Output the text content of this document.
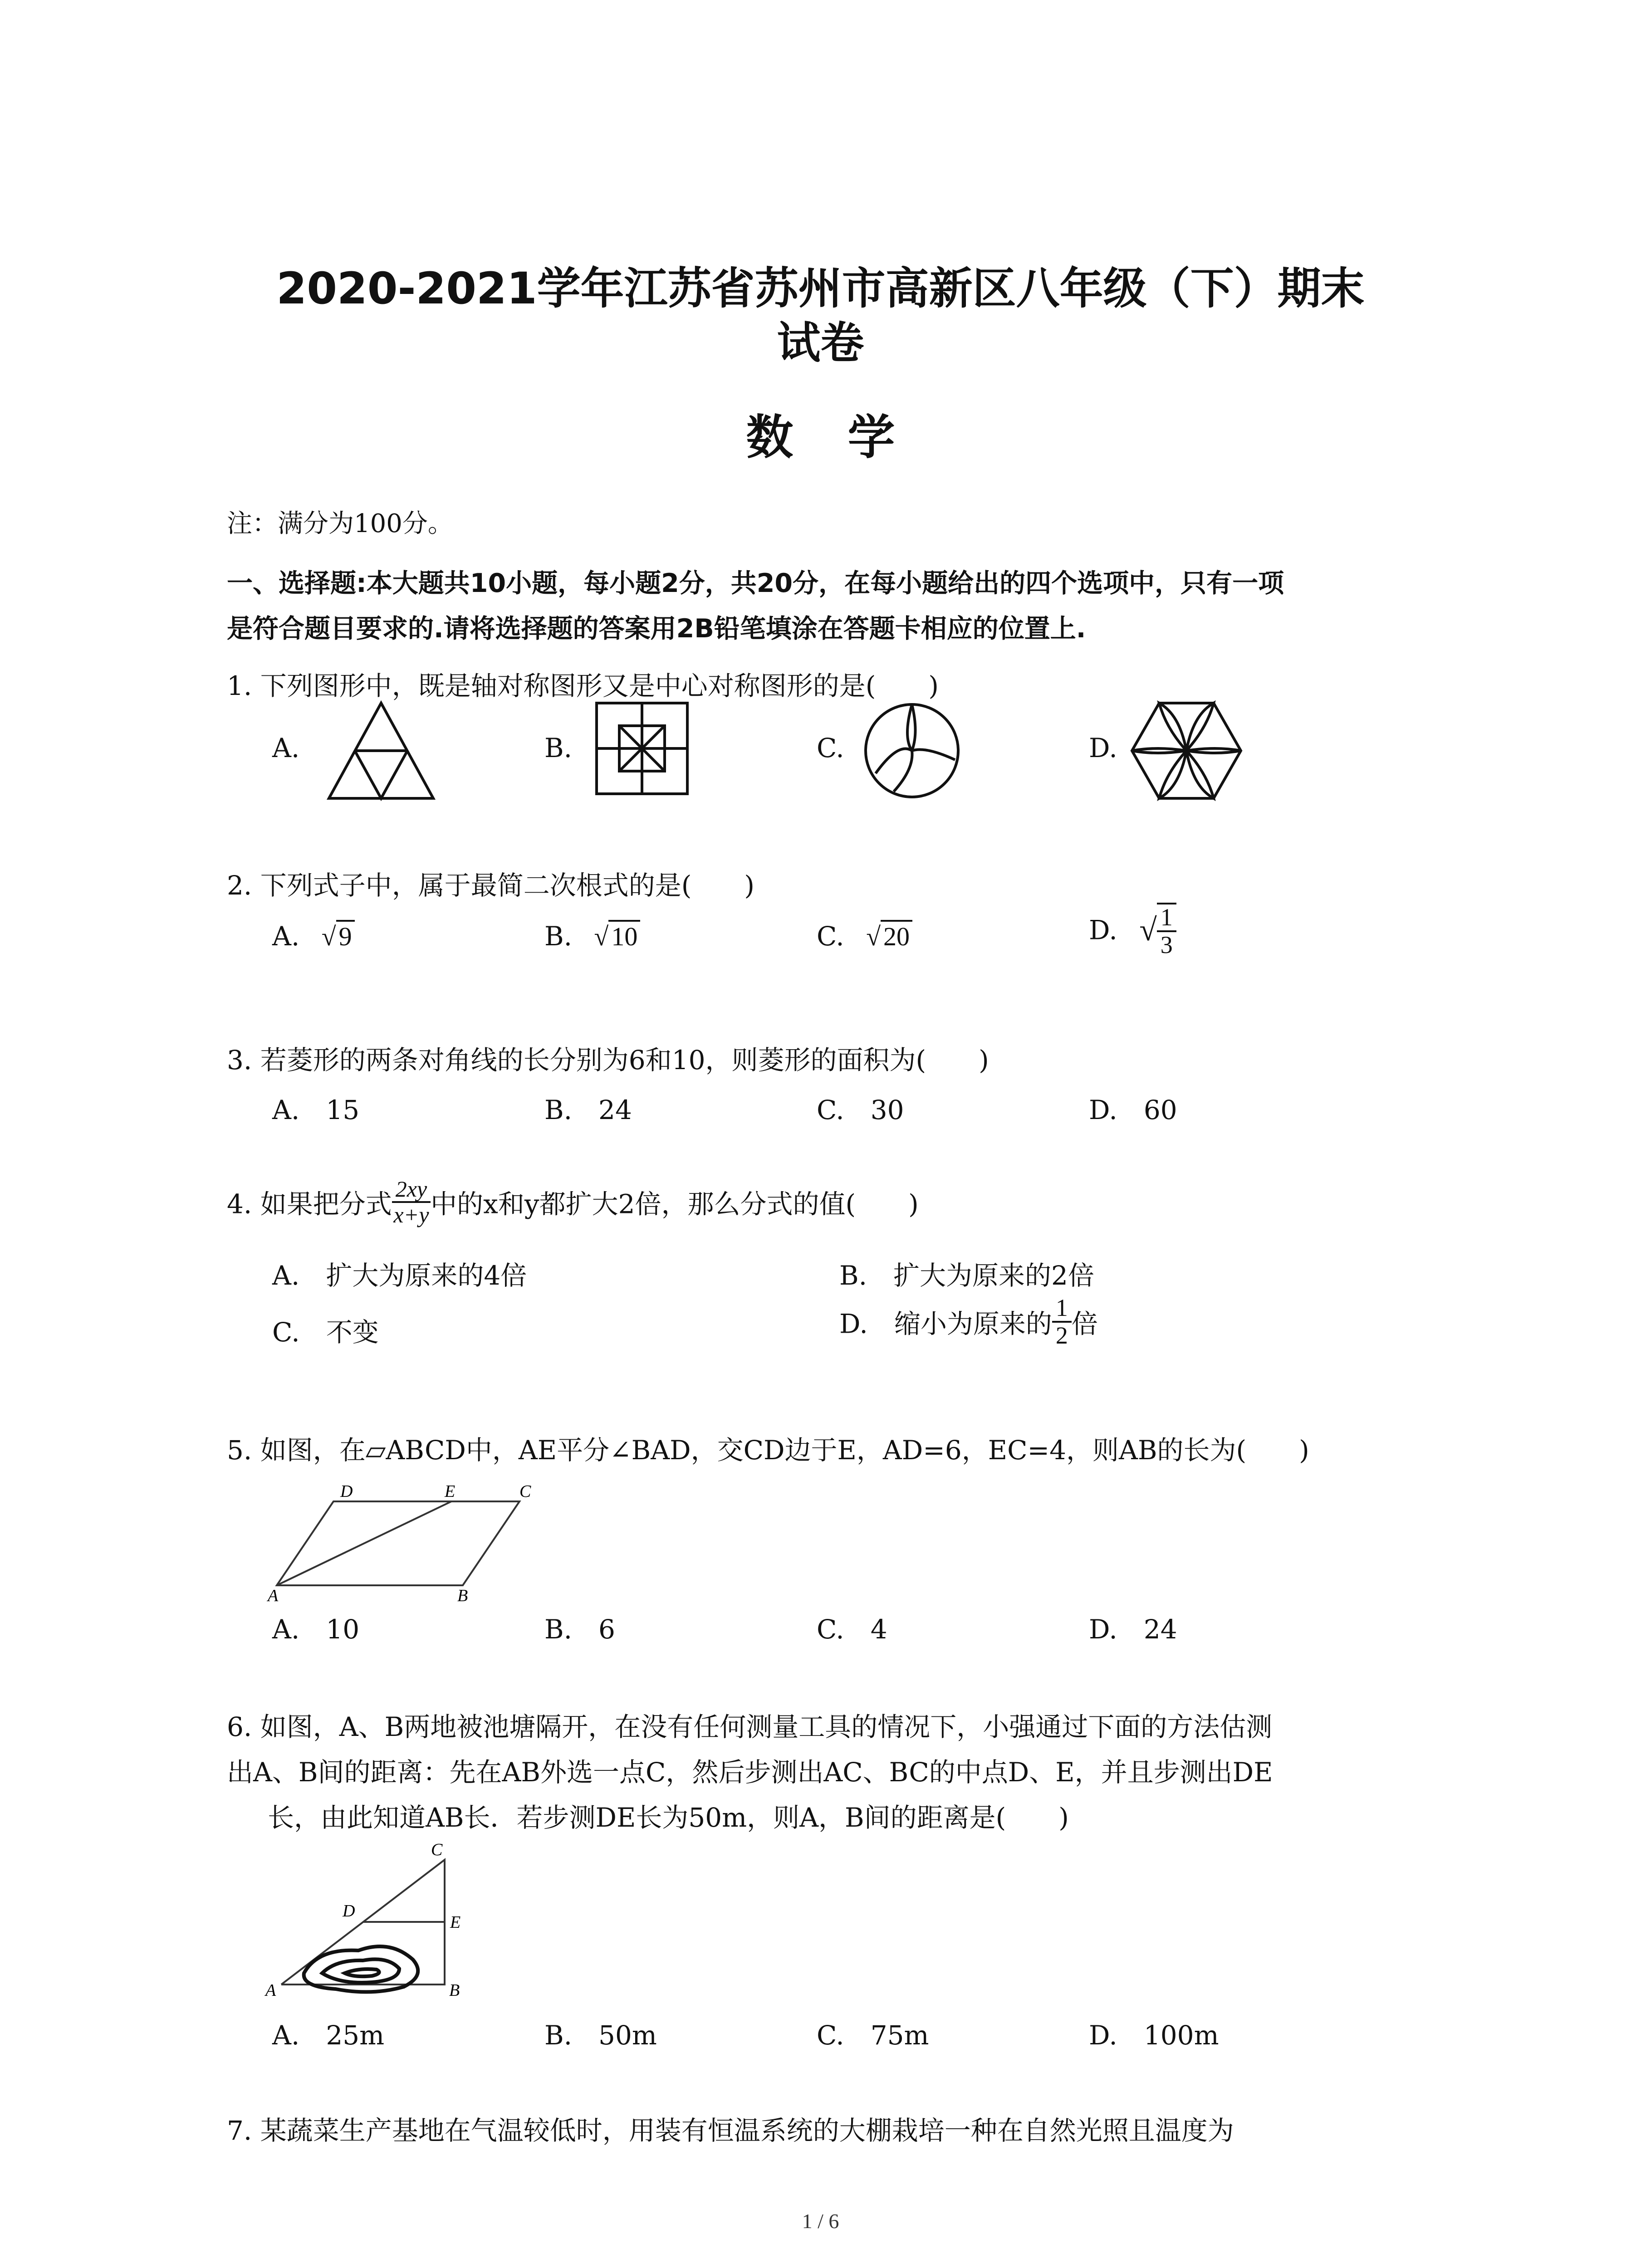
2020-2021学年江苏省苏州市高新区八年级（下）期末
试卷
数学
注：满分为100分。
一、选择题:本大题共10小题，每小题2分，共20分，在每小题给出的四个选项中，只有一项
是符合题目要求的.请将选择题的答案用2B铅笔填涂在答题卡相应的位置上.
1. 下列图形中，既是轴对称图形又是中心对称图形的是(　　)
A.	B.	C.	D.
2. 下列式子中，属于最简二次根式的是(　　)
A. √ 9	B. √ 10	C. √ 20	D. √ $\frac{1}{3}$
3. 若菱形的两条对角线的长分别为6和10，则菱形的面积为(　　)
A.　15	B.　24	C.　30	D.　60
4. 如果把分式 $\frac{2xy}{x+y}$ 中的x和y都扩大2倍，那么分式的值(　　)
A.　扩大为原来的4倍	B.　扩大为原来的2倍
C.　不变	D.　缩小为原来的 $\frac{1}{2}$ 倍
5. 如图，在▱ABCD中，AE平分∠BAD，交CD边于E，AD=6，EC=4，则AB的长为(　　)
A	B
C
D	E
A.　10	B.　6	C.　4	D.　24
6. 如图，A、B两地被池塘隔开，在没有任何测量工具的情况下，小强通过下面的方法估测
出A、B间的距离：先在AB外选一点C，然后步测出AC、BC的中点D、E，并且步测出DE
长，由此知道AB长．若步测DE长为50m，则A，B间的距离是(　　)
A	B
C
D
E
A.　25m	B.　50m	C.　75m	D.　100m
7. 某蔬菜生产基地在气温较低时，用装有恒温系统的大棚栽培一种在自然光照且温度为
1 / 6
